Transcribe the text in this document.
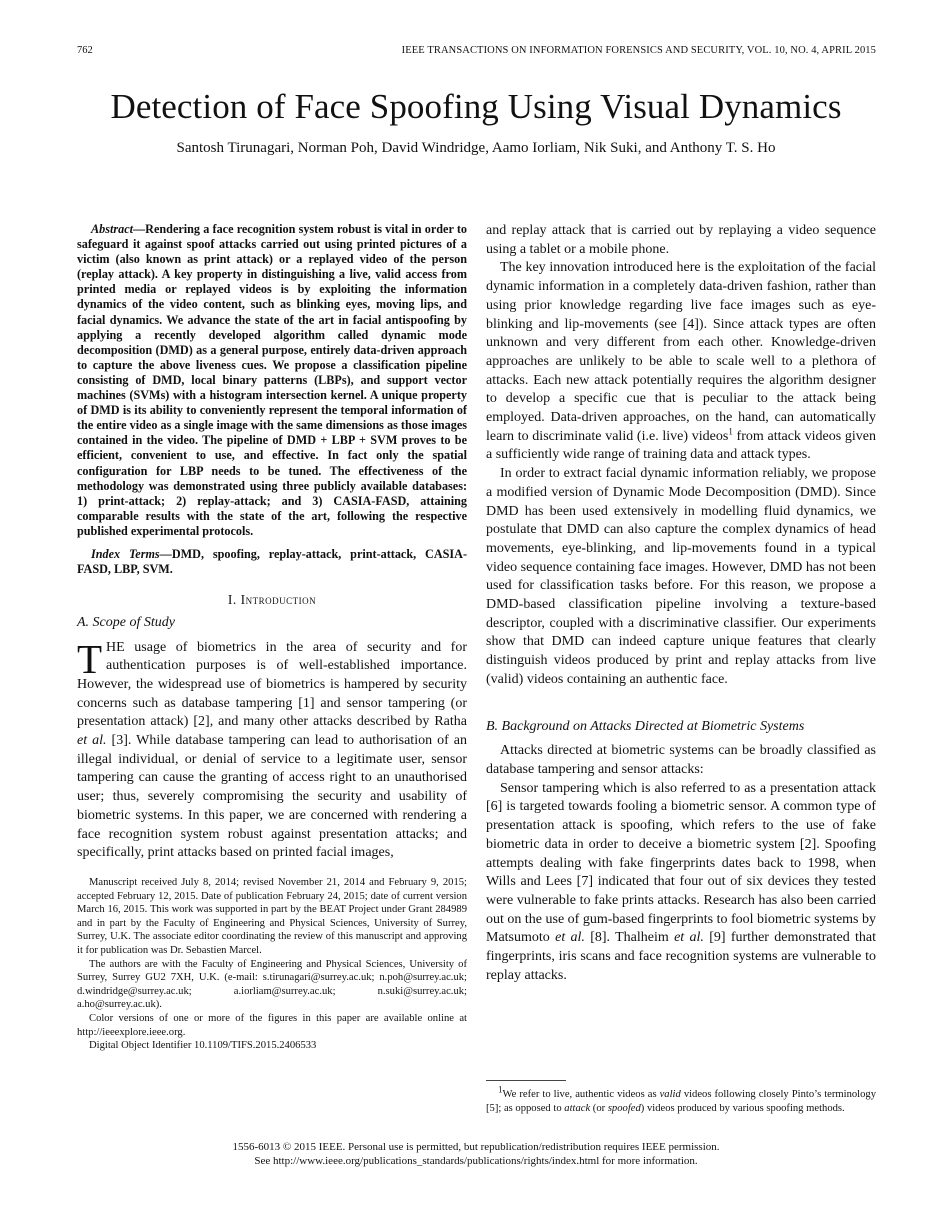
762	IEEE TRANSACTIONS ON INFORMATION FORENSICS AND SECURITY, VOL. 10, NO. 4, APRIL 2015
Detection of Face Spoofing Using Visual Dynamics
Santosh Tirunagari, Norman Poh, David Windridge, Aamo Iorliam, Nik Suki, and Anthony T. S. Ho

Abstract—Rendering a face recognition system robust is vital in order to safeguard it against spoof attacks carried out using printed pictures of a victim (also known as print attack) or a replayed video of the person (replay attack). A key property in distinguishing a live, valid access from printed media or replayed videos is by exploiting the information dynamics of the video content, such as blinking eyes, moving lips, and facial dynamics. We advance the state of the art in facial antispoofing by applying a recently developed algorithm called dynamic mode decomposition (DMD) as a general purpose, entirely data-driven approach to capture the above liveness cues. We propose a classification pipeline consisting of DMD, local binary patterns (LBPs), and support vector machines (SVMs) with a histogram intersection kernel. A unique property of DMD is its ability to conveniently represent the temporal information of the entire video as a single image with the same dimensions as those images contained in the video. The pipeline of DMD + LBP + SVM proves to be efficient, convenient to use, and effective. In fact only the spatial configuration for LBP needs to be tuned. The effectiveness of the methodology was demonstrated using three publicly available databases: 1) print-attack; 2) replay-attack; and 3) CASIA-FASD, attaining comparable results with the state of the art, following the respective published experimental protocols.

Index Terms—DMD, spoofing, replay-attack, print-attack, CASIA-FASD, LBP, SVM.

I. Introduction
A. Scope of Study

THE usage of biometrics in the area of security and for authentication purposes is of well-established importance. However, the widespread use of biometrics is hampered by security concerns such as database tampering [1] and sensor tampering (or presentation attack) [2], and many other attacks described by Ratha et al. [3]. While database tampering can lead to authorisation of an illegal individual, or denial of service to a legitimate user, sensor tampering can cause the granting of access right to an unauthorised user; thus, severely compromising the security and usability of biometric systems. In this paper, we are concerned with rendering a face recognition system robust against presentation attacks; and specifically, print attacks based on printed facial images,

Manuscript received July 8, 2014; revised November 21, 2014 and February 9, 2015; accepted February 12, 2015. Date of publication February 24, 2015; date of current version March 16, 2015. This work was supported in part by the BEAT Project under Grant 284989 and in part by the Faculty of Engineering and Physical Sciences, University of Surrey, Surrey, U.K. The associate editor coordinating the review of this manuscript and approving it for publication was Dr. Sebastien Marcel.

The authors are with the Faculty of Engineering and Physical Sciences, University of Surrey, Surrey GU2 7XH, U.K. (e-mail: s.tirunagari@surrey.ac.uk; n.poh@surrey.ac.uk; d.windridge@surrey.ac.uk; a.iorliam@surrey.ac.uk; n.suki@surrey.ac.uk; a.ho@surrey.ac.uk).

Color versions of one or more of the figures in this paper are available online at http://ieeexplore.ieee.org.

Digital Object Identifier 10.1109/TIFS.2015.2406533

and replay attack that is carried out by replaying a video sequence using a tablet or a mobile phone.

The key innovation introduced here is the exploitation of the facial dynamic information in a completely data-driven fashion, rather than using prior knowledge regarding live face images such as eye-blinking and lip-movements (see [4]). Since attack types are often unknown and very different from each other. Knowledge-driven approaches are unlikely to be able to scale well to a plethora of attacks. Each new attack potentially requires the algorithm designer to develop a specific cue that is peculiar to the attack being employed. Data-driven approaches, on the hand, can automatically learn to discriminate valid (i.e. live) videos$^1$ from attack videos given a sufficiently wide range of training data and attack types.

In order to extract facial dynamic information reliably, we propose a modified version of Dynamic Mode Decomposition (DMD). Since DMD has been used extensively in modelling fluid dynamics, we postulate that DMD can also capture the complex dynamics of head movements, eye-blinking, and lip-movements found in a typical video sequence containing face images. However, DMD has not been used for classification tasks before. For this reason, we propose a DMD-based classification pipeline involving a texture-based descriptor, coupled with a discriminative classifier. Our experiments show that DMD can indeed capture unique features that clearly distinguish videos produced by print and replay attacks from live (valid) videos containing an authentic face.

B. Background on Attacks Directed at Biometric Systems

Attacks directed at biometric systems can be broadly classified as database tampering and sensor attacks:

Sensor tampering which is also referred to as a presentation attack [6] is targeted towards fooling a biometric sensor. A common type of presentation attack is spoofing, which refers to the use of fake biometric data in order to deceive a biometric system [2]. Spoofing attempts dealing with fake fingerprints dates back to 1998, when Wills and Lees [7] indicated that four out of six devices they tested were vulnerable to fake prints attacks. Research has also been carried out on the use of gum-based fingerprints to fool biometric systems by Matsumoto et al. [8]. Thalheim et al. [9] further demonstrated that fingerprints, iris scans and face recognition systems are vulnerable to replay attacks.

$^1$We refer to live, authentic videos as valid videos following closely Pinto’s terminology [5]; as opposed to attack (or spoofed) videos produced by various spoofing methods.

1556-6013 © 2015 IEEE. Personal use is permitted, but republication/redistribution requires IEEE permission.
See http://www.ieee.org/publications_standards/publications/rights/index.html for more information.
